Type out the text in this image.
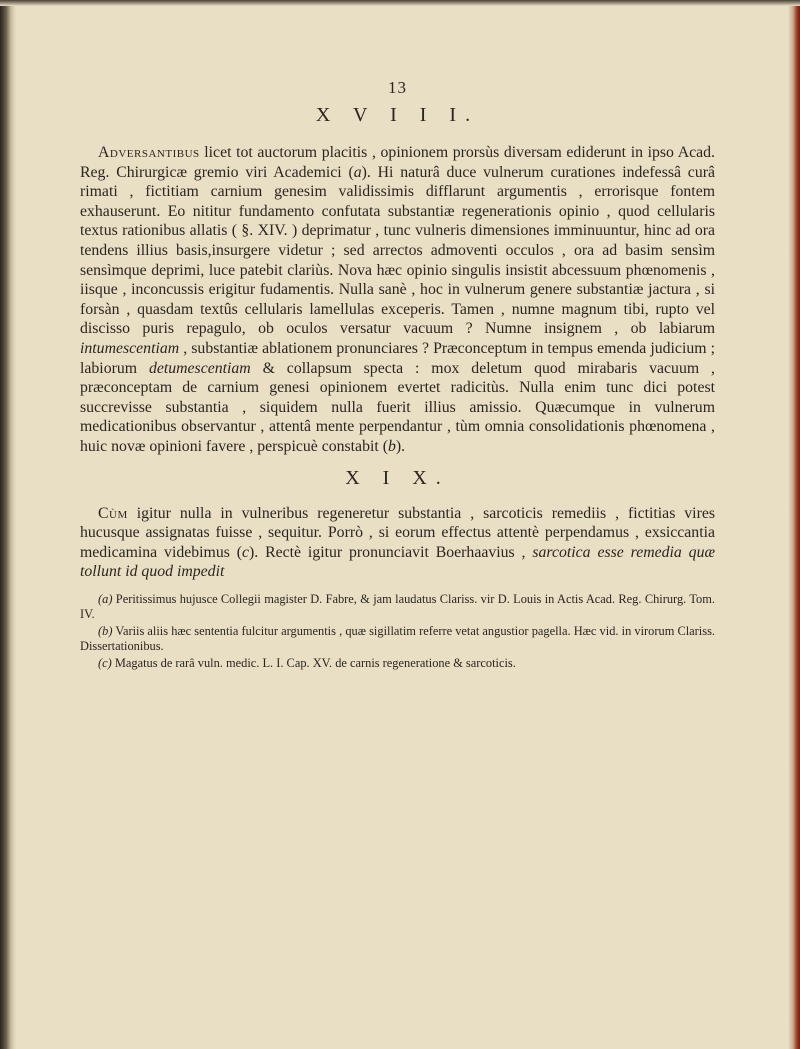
13
X V I I I.

Adversantibus licet tot auctorum placitis , opinionem prorsùs diversam ediderunt in ipso Acad. Reg. Chirurgicæ gremio viri Academici (a). Hi naturâ duce vulnerum curationes indefessâ curâ rimati , fictitiam carnium genesim validissimis difflarunt argumentis , errorisque fontem exhauserunt. Eo nititur fundamento confutata substantiæ regenerationis opinio , quod cellularis textus rationibus allatis ( §. XIV. ) deprimatur , tunc vulneris dimensiones imminuuntur, hinc ad ora tendens illius basis,insurgere videtur ; sed arrectos admoventi occulos , ora ad basim sensìm sensìmque deprimi, luce patebit clariùs. Nova hæc opinio singulis insistit abcessuum phœnomenis , iisque , inconcussis erigitur fudamentis. Nulla sanè , hoc in vulnerum genere substantiæ jactura , si forsàn , quasdam textûs cellularis lamellulas exceperis. Tamen , numne magnum tibi, rupto vel discisso puris repagulo, ob oculos versatur vacuum ? Numne insignem , ob labiarum intumescentiam , substantiæ ablationem pronunciares ? Præconceptum in tempus emenda judicium ; labiorum detumescentiam & collapsum specta : mox deletum quod mirabaris vacuum , præconceptam de carnium genesi opinionem evertet radicitùs. Nulla enim tunc dici potest succrevisse substantia , siquidem nulla fuerit illius amissio. Quæcumque in vulnerum medicationibus observantur , attentâ mente perpendantur , tùm omnia consolidationis phœnomena , huic novæ opinioni favere , perspicuè constabit (b).

X I X.

Cùm igitur nulla in vulneribus regeneretur substantia , sarcoticis remediis , fictitias vires hucusque assignatas fuisse , sequitur. Porrò , si eorum effectus attentè perpendamus , exsiccantia medicamina videbimus (c). Rectè igitur pronunciavit Boerhaavius , sarcotica esse remedia quæ tollunt id quod impedit

(a) Peritissimus hujusce Collegii magister D. Fabre, & jam laudatus Clariss. vir D. Louis in Actis Acad. Reg. Chirurg. Tom. IV.

(b) Variis aliis hæc sententia fulcitur argumentis , quæ sigillatim referre vetat angustior pagella. Hæc vid. in virorum Clariss. Dissertationibus.

(c) Magatus de rarâ vuln. medic. L. I. Cap. XV. de carnis regeneratione & sarcoticis.
